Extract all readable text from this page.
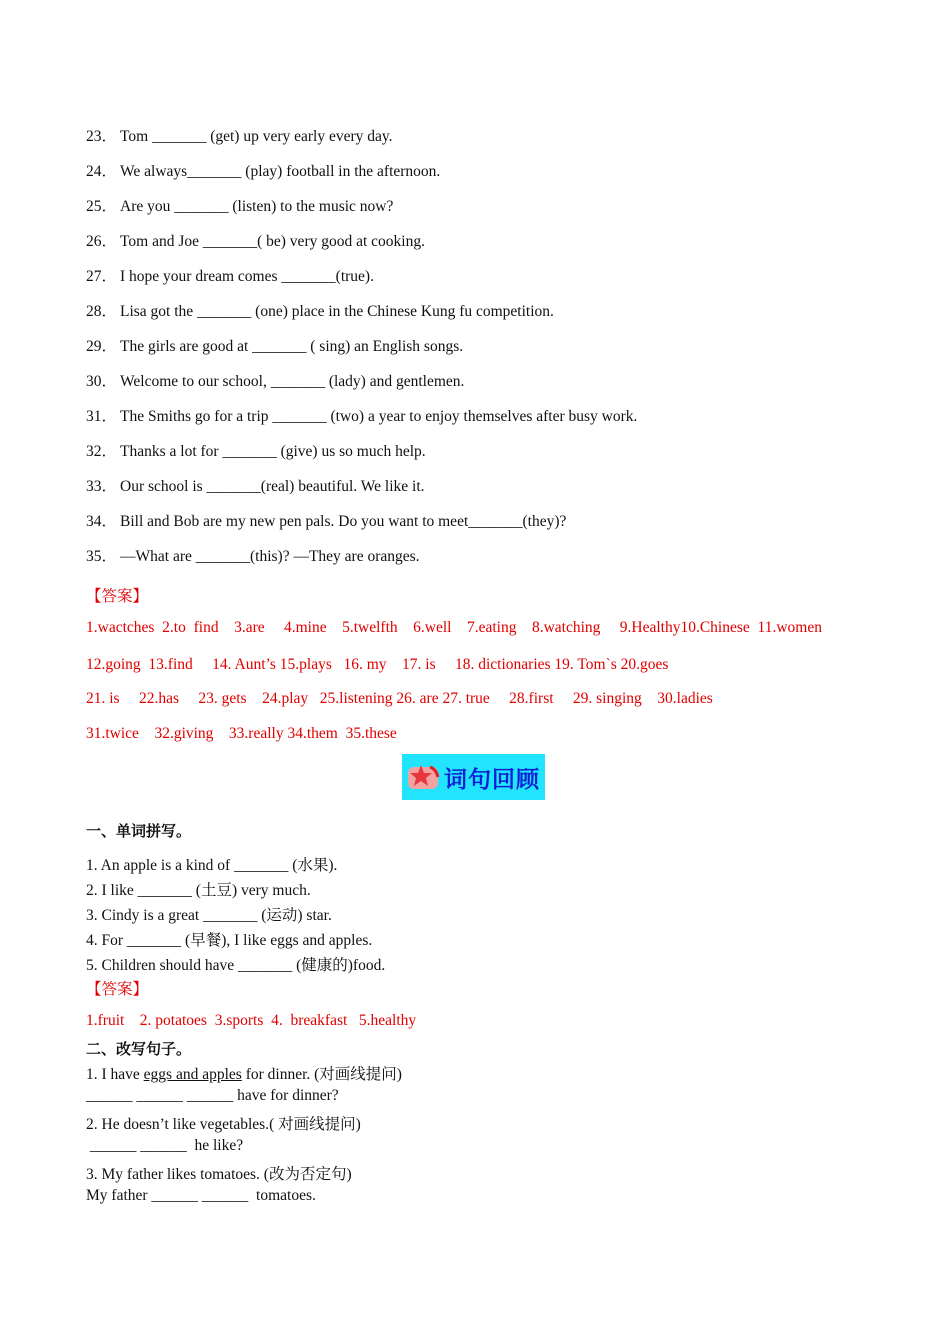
23． Tom _______ (get) up very early every day.
24． We always_______ (play) football in the afternoon.
25． Are you _______ (listen) to the music now?
26． Tom and Joe _______( be) very good at cooking.
27． I hope your dream comes _______(true).
28． Lisa got the _______ (one) place in the Chinese Kung fu competition.
29． The girls are good at _______ ( sing) an English songs.
30． Welcome to our school, _______ (lady) and gentlemen.
31． The Smiths go for a trip _______ (two) a year to enjoy themselves after busy work.
32． Thanks a lot for _______ (give) us so much help.
33． Our school is _______(real) beautiful. We like it.
34． Bill and Bob are my new pen pals. Do you want to meet_______(they)?
35． —What are _______(this)? —They are oranges.
【答案】
1.wactches  2.to  find    3.are     4.mine    5.twelfth    6.well    7.eating    8.watching     9.Healthy10.Chinese  11.women
12.going  13.find     14. Aunt’s 15.plays   16. my    17. is     18. dictionaries 19. Tom`s 20.goes
21. is     22.has     23. gets    24.play   25.listening 26. are 27. true     28.first     29. singing    30.ladies
31.twice    32.giving    33.really 34.them  35.these
词句回顾
一、单词拼写。
1. An apple is a kind of _______ (水果).
2. I like _______ (土豆) very much.
3. Cindy is a great _______ (运动) star.
4. For _______ (早餐), I like eggs and apples.
5. Children should have _______ (健康的)food.
【答案】
1.fruit    2. potatoes  3.sports  4.  breakfast   5.healthy
二、改写句子。
1. I have eggs and apples for dinner. (对画线提问)
______ ______ ______ have for dinner?
2. He doesn’t like vegetables.( 对画线提问)
______ ______  he like?
3. My father likes tomatoes. (改为否定句)
My father ______ ______  tomatoes.
